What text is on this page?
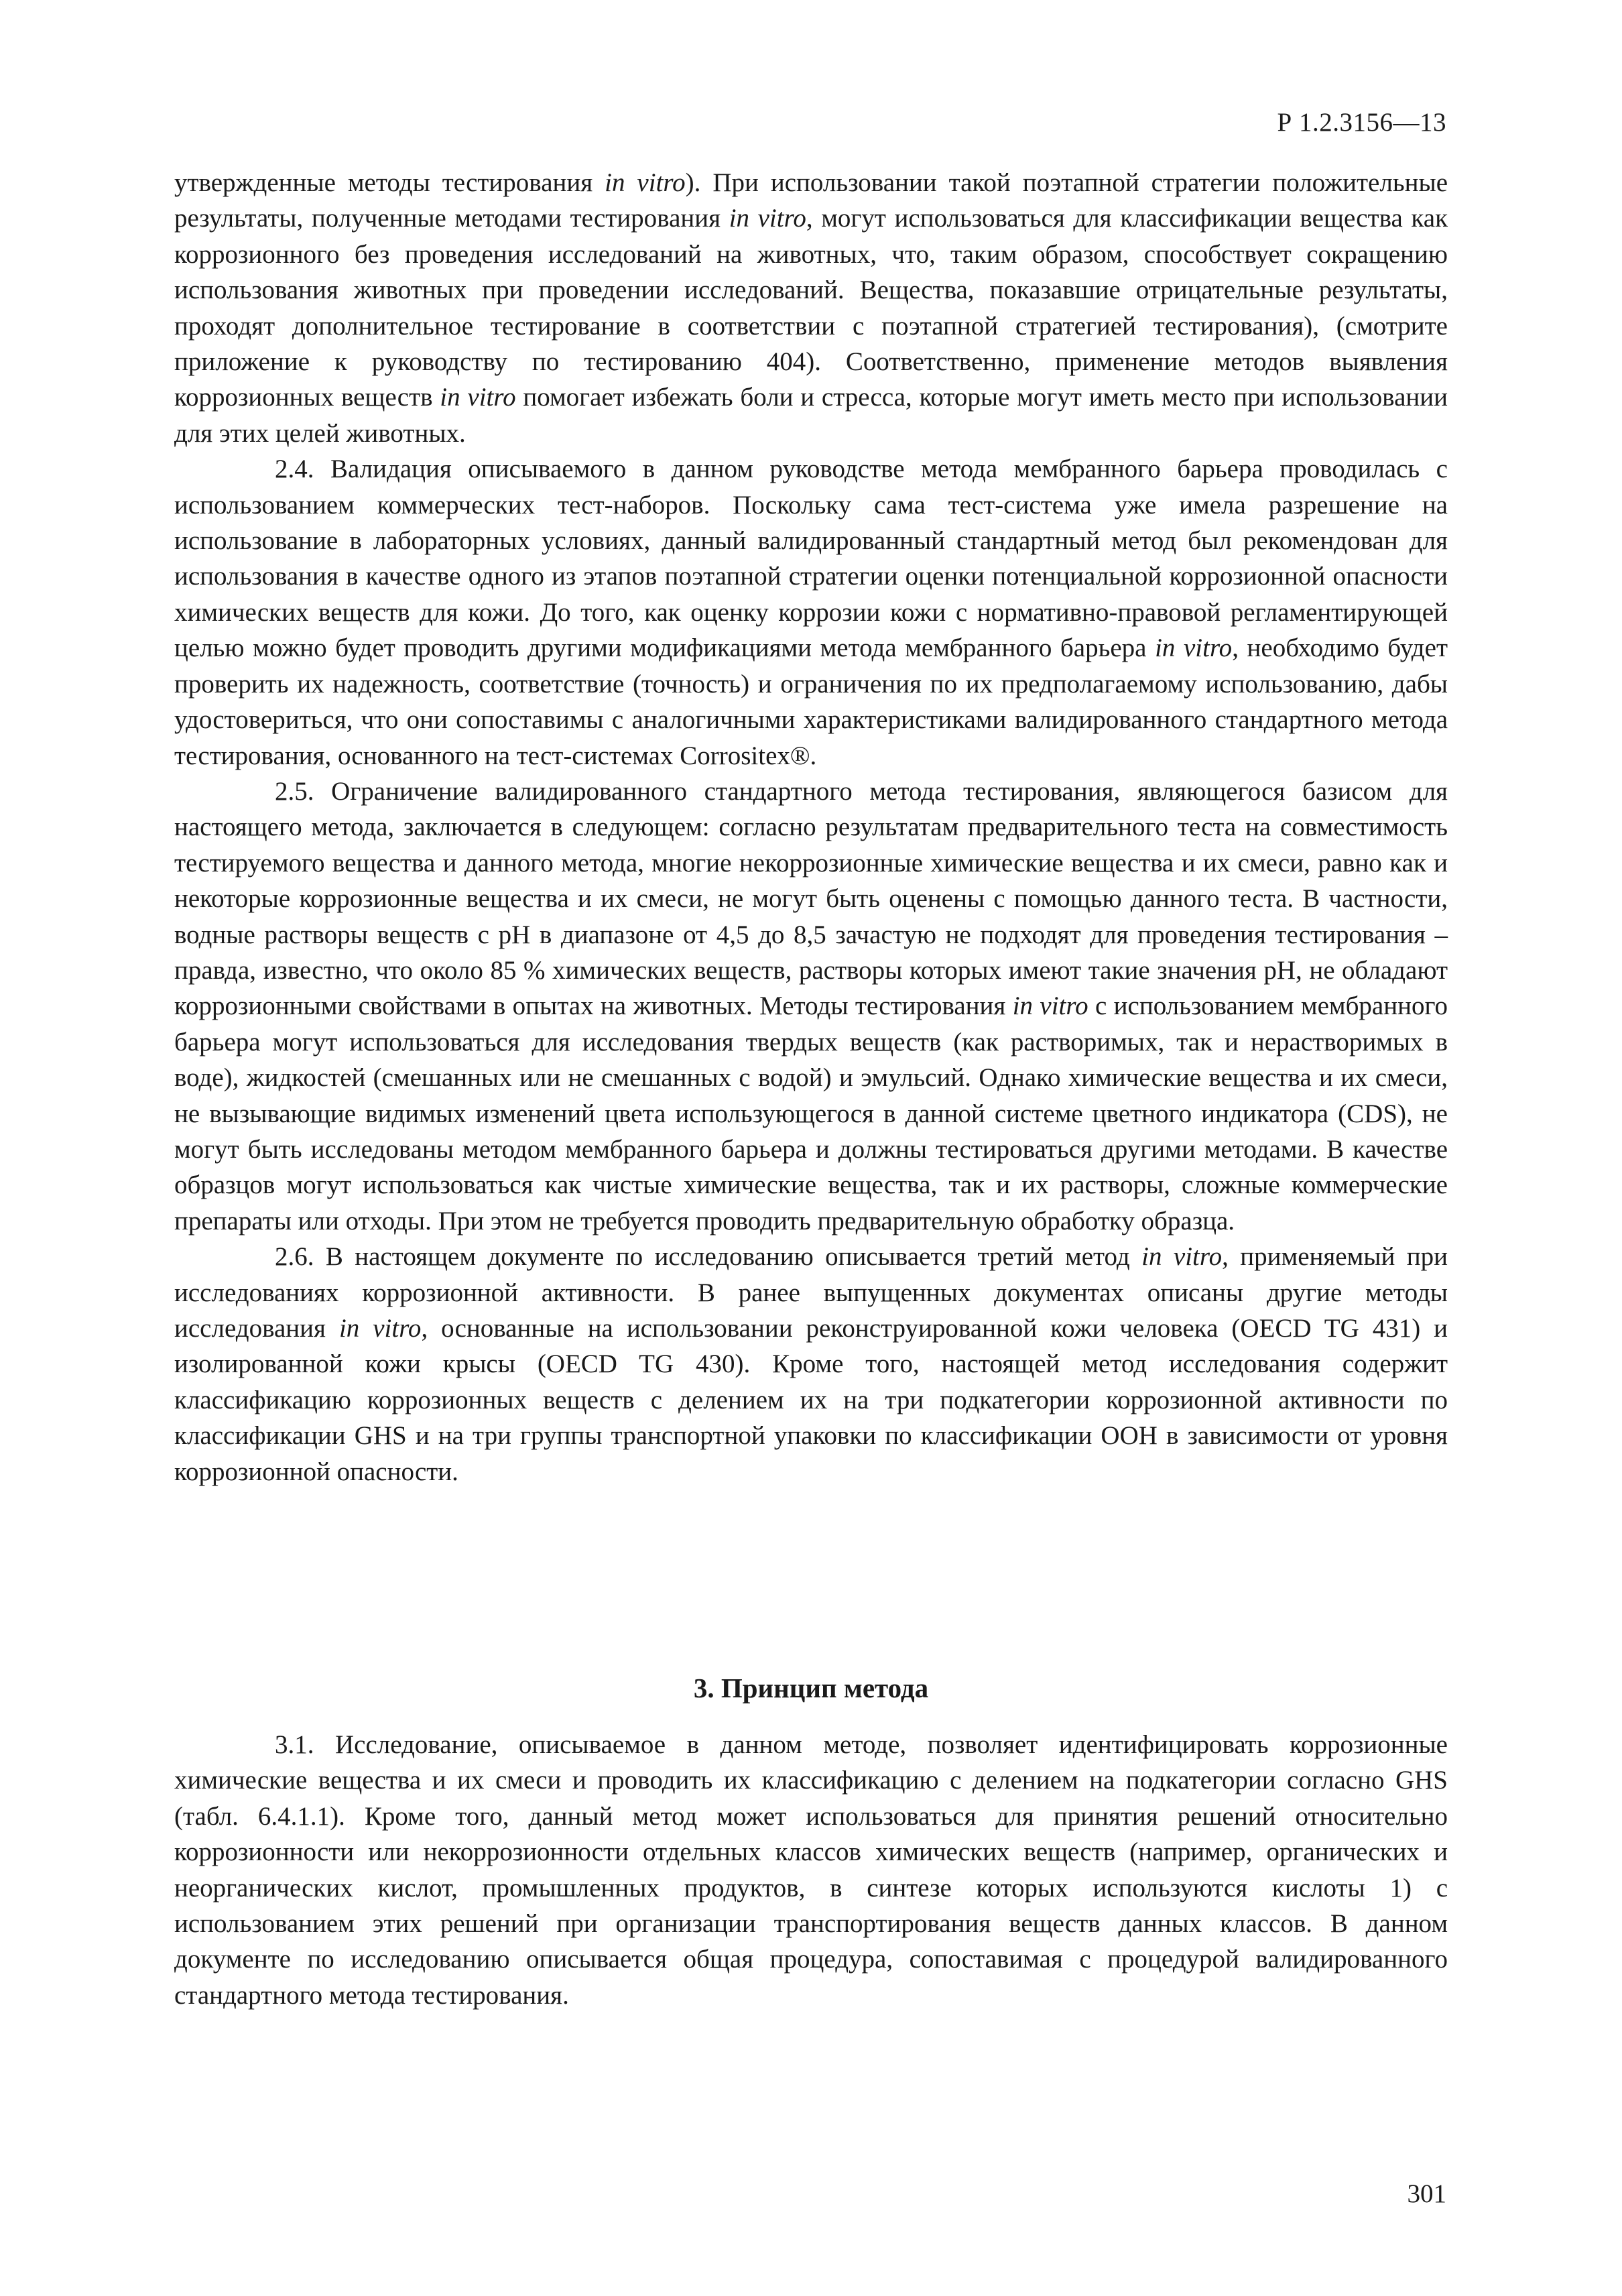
Р 1.2.3156—13

утвержденные методы тестирования in vitro). При использовании такой поэтапной стратегии положительные результаты, полученные методами тестирования in vitro, могут использоваться для классификации вещества как коррозионного без проведения исследований на животных, что, таким образом, способствует сокращению использования животных при проведении исследований. Вещества, показавшие отрицательные результаты, проходят дополнительное тестирование в соответствии с поэтапной стратегией тестирования), (смотрите приложение к руководству по тестированию 404). Соответственно, применение методов выявления коррозионных веществ in vitro помогает избежать боли и стресса, которые могут иметь место при использовании для этих целей животных.

2.4. Валидация описываемого в данном руководстве метода мембранного барьера проводилась с использованием коммерческих тест-наборов. Поскольку сама тест-система уже имела разрешение на использование в лабораторных условиях, данный валидированный стандартный метод был рекомендован для использования в качестве одного из этапов поэтапной стратегии оценки потенциальной коррозионной опасности химических веществ для кожи. До того, как оценку коррозии кожи с нормативно-правовой регламентирующей целью можно будет проводить другими модификациями метода мембранного барьера in vitro, необходимо будет проверить их надежность, соответствие (точность) и ограничения по их предполагаемому использованию, дабы удостовериться, что они сопоставимы с аналогичными характеристиками валидированного стандартного метода тестирования, основанного на тест-системах Corrositex®.

2.5. Ограничение валидированного стандартного метода тестирования, являющегося базисом для настоящего метода, заключается в следующем: согласно результатам предварительного теста на совместимость тестируемого вещества и данного метода, многие некоррозионные химические вещества и их смеси, равно как и некоторые коррозионные вещества и их смеси, не могут быть оценены с помощью данного теста. В частности, водные растворы веществ с pH в диапазоне от 4,5 до 8,5 зачастую не подходят для проведения тестирования – правда, известно, что около 85 % химических веществ, растворы которых имеют такие значения pH, не обладают коррозионными свойствами в опытах на животных. Методы тестирования in vitro с использованием мембранного барьера могут использоваться для исследования твердых веществ (как растворимых, так и нерастворимых в воде), жидкостей (смешанных или не смешанных с водой) и эмульсий. Однако химические вещества и их смеси, не вызывающие видимых изменений цвета использующегося в данной системе цветного индикатора (CDS), не могут быть исследованы методом мембранного барьера и должны тестироваться другими методами. В качестве образцов могут использоваться как чистые химические вещества, так и их растворы, сложные коммерческие препараты или отходы. При этом не требуется проводить предварительную обработку образца.

2.6. В настоящем документе по исследованию описывается третий метод in vitro, применяемый при исследованиях коррозионной активности. В ранее выпущенных документах описаны другие методы исследования in vitro, основанные на использовании реконструированной кожи человека (OECD TG 431) и изолированной кожи крысы (OECD TG 430). Кроме того, настоящей метод исследования содержит классификацию коррозионных веществ с делением их на три подкатегории коррозионной активности по классификации GHS и на три группы транспортной упаковки по классификации ООН в зависимости от уровня коррозионной опасности.

3. Принцип метода

3.1. Исследование, описываемое в данном методе, позволяет идентифицировать коррозионные химические вещества и их смеси и проводить их классификацию с делением на подкатегории согласно GHS (табл. 6.4.1.1). Кроме того, данный метод может использоваться для принятия решений относительно коррозионности или некоррозионности отдельных классов химических веществ (например, органических и неорганических кислот, промышленных продуктов, в синтезе которых используются кислоты 1) с использованием этих решений при организации транспортирования веществ данных классов. В данном документе по исследованию описывается общая процедура, сопоставимая с процедурой валидированного стандартного метода тестирования.

301
